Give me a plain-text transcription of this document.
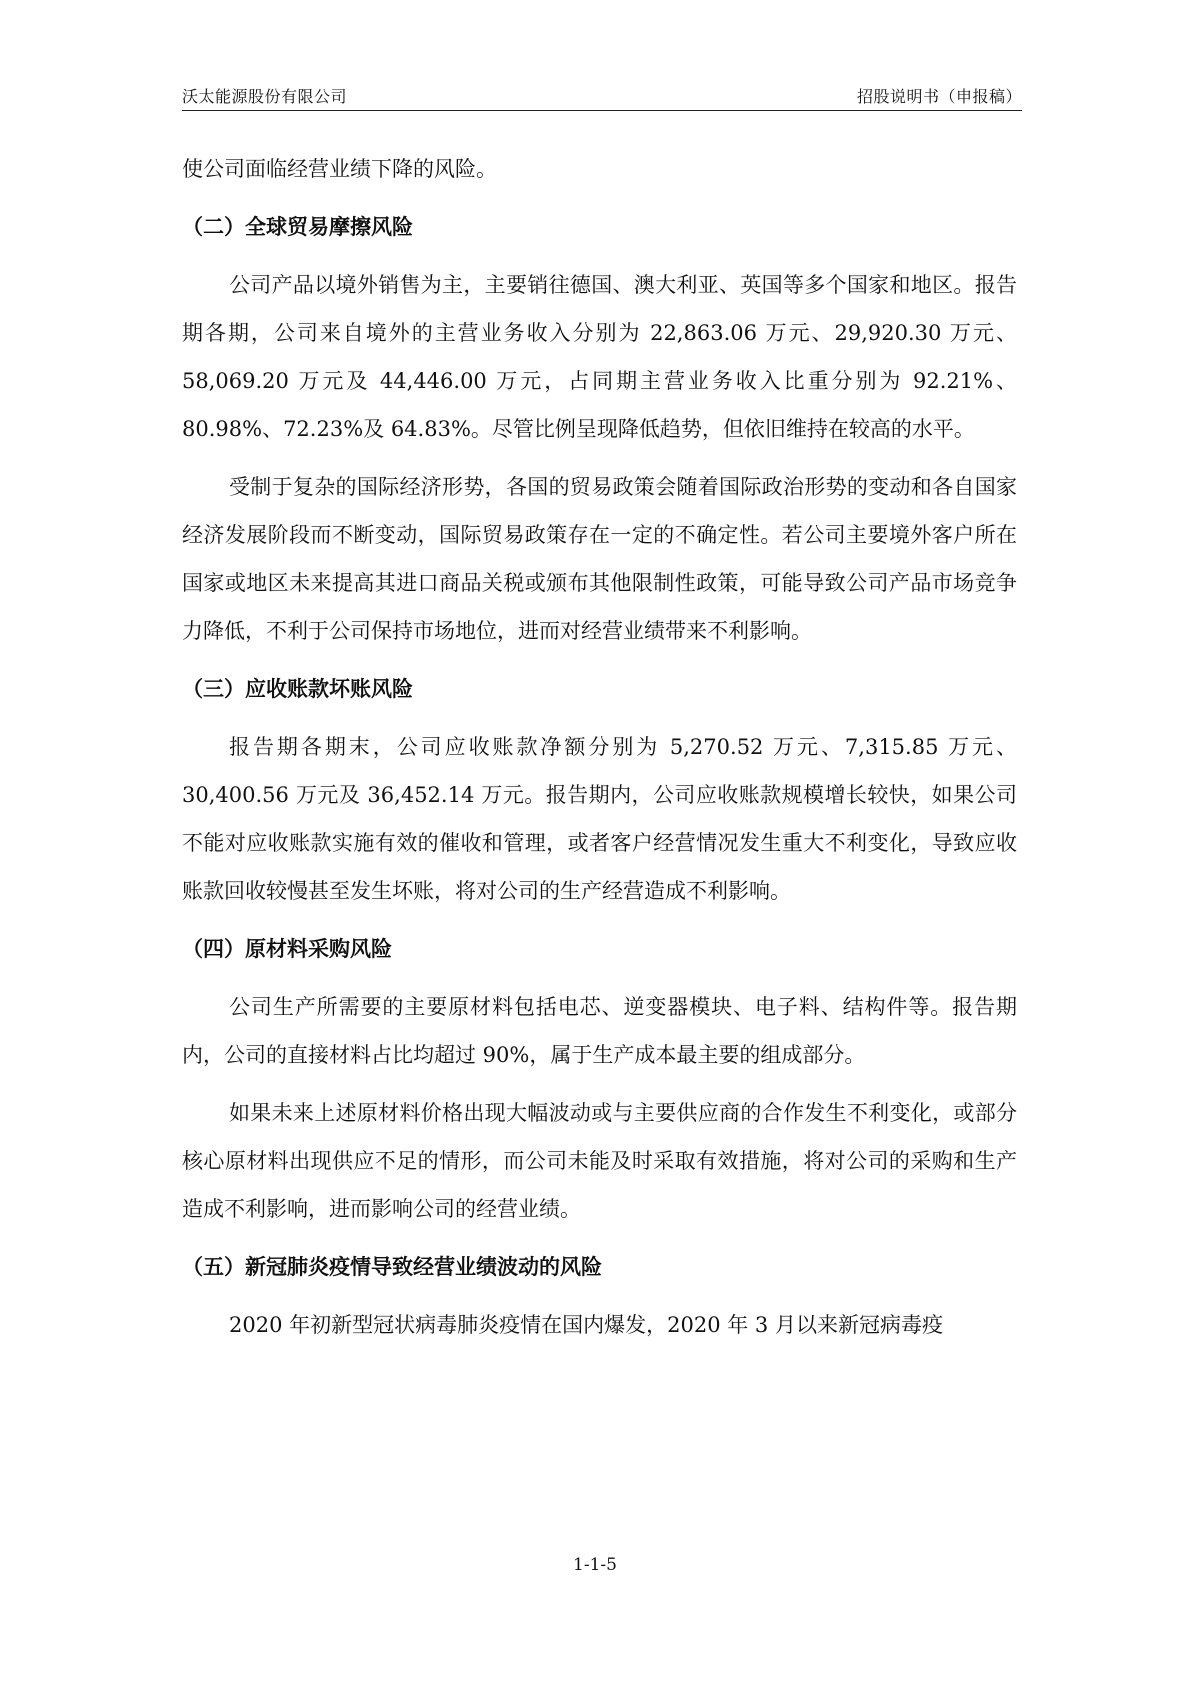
沃太能源股份有限公司	招股说明书（申报稿）

使公司面临经营业绩下降的风险。

（二）全球贸易摩擦风险

公司产品以境外销售为主，主要销往德国、澳大利亚、英国等多个国家和地区。报告期各期，公司来自境外的主营业务收入分别为 22,863.06 万元、29,920.30 万元、58,069.20 万元及 44,446.00 万元，占同期主营业务收入比重分别为 92.21%、80.98%、72.23%及 64.83%。尽管比例呈现降低趋势，但依旧维持在较高的水平。

受制于复杂的国际经济形势，各国的贸易政策会随着国际政治形势的变动和各自国家经济发展阶段而不断变动，国际贸易政策存在一定的不确定性。若公司主要境外客户所在国家或地区未来提高其进口商品关税或颁布其他限制性政策，可能导致公司产品市场竞争力降低，不利于公司保持市场地位，进而对经营业绩带来不利影响。

（三）应收账款坏账风险

报告期各期末，公司应收账款净额分别为 5,270.52 万元、7,315.85 万元、30,400.56 万元及 36,452.14 万元。报告期内，公司应收账款规模增长较快，如果公司不能对应收账款实施有效的催收和管理，或者客户经营情况发生重大不利变化，导致应收账款回收较慢甚至发生坏账，将对公司的生产经营造成不利影响。

（四）原材料采购风险

公司生产所需要的主要原材料包括电芯、逆变器模块、电子料、结构件等。报告期内，公司的直接材料占比均超过 90%，属于生产成本最主要的组成部分。

如果未来上述原材料价格出现大幅波动或与主要供应商的合作发生不利变化，或部分核心原材料出现供应不足的情形，而公司未能及时采取有效措施，将对公司的采购和生产造成不利影响，进而影响公司的经营业绩。

（五）新冠肺炎疫情导致经营业绩波动的风险

2020 年初新型冠状病毒肺炎疫情在国内爆发，2020 年 3 月以来新冠病毒疫

1-1-5
